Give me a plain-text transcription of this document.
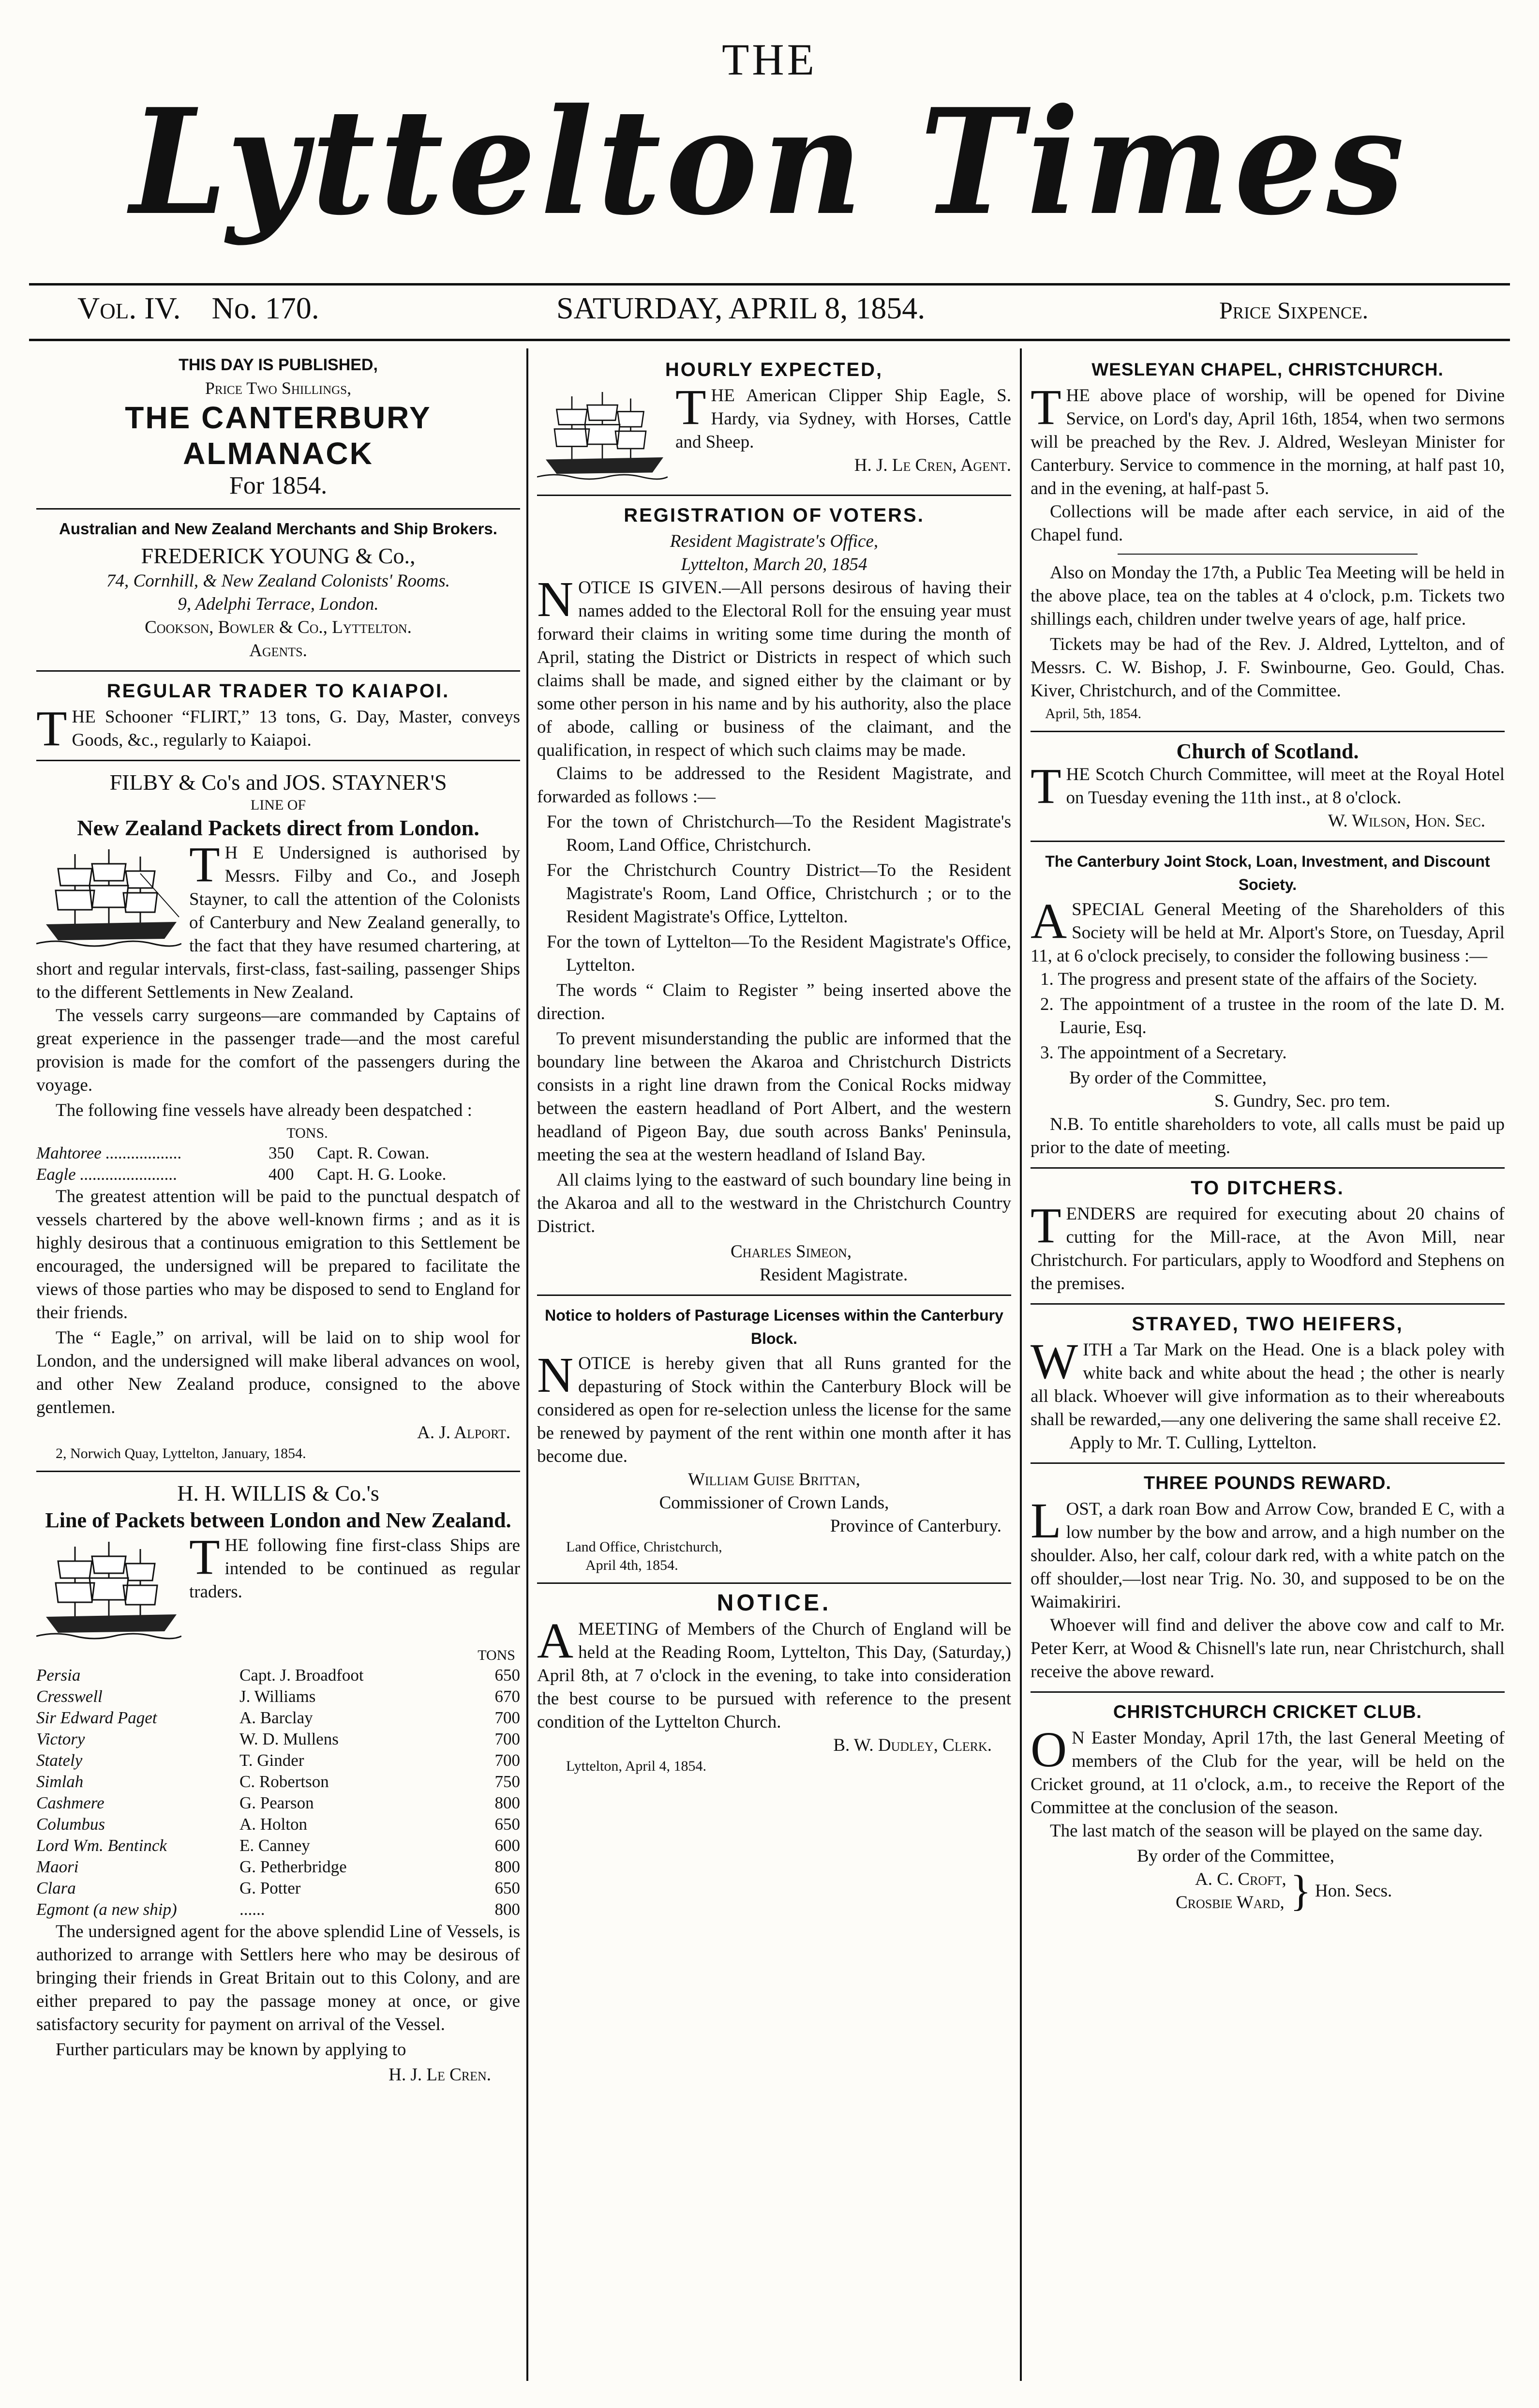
THE
Lyttelton Times
Vol. IV. No. 170.	SATURDAY, APRIL 8, 1854.	Price Sixpence.
THIS DAY IS PUBLISHED,
Price Two Shillings,
THE CANTERBURY ALMANACK
For 1854.
Australian and New Zealand Merchants and Ship Brokers.
FREDERICK YOUNG & Co.,
74, Cornhill, & New Zealand Colonists' Rooms.
9, Adelphi Terrace, London.
Cookson, Bowler & Co., Lyttelton.
Agents.
REGULAR TRADER TO KAIAPOI.
THE Schooner “FLIRT,” 13 tons, G. Day, Master, conveys Goods, &c., regularly to Kaiapoi.
FILBY & Co's and JOS. STAYNER'S
LINE OF
New Zealand Packets direct from London.
T H E Undersigned is authorised by Messrs. Filby and Co., and Joseph Stayner, to call the attention of the Colonists of Canterbury and New Zealand generally, to the fact that they have resumed chartering, at short and regular intervals, first-class, fast-sailing, passenger Ships to the different Settlements in New Zealand.

The vessels carry surgeons—are commanded by Captains of great experience in the passenger trade—and the most careful provision is made for the comfort of the passengers during the voyage.

The following fine vessels have already been despatched :

TONS.
Mahtoree ..................	350	Capt. R. Cowan.
Eagle .......................	400	Capt. H. G. Looke.

The greatest attention will be paid to the punctual despatch of vessels chartered by the above well-known firms ; and as it is highly desirous that a continuous emigration to this Settlement be encouraged, the undersigned will be prepared to facilitate the views of those parties who may be disposed to send to England for their friends.

The “ Eagle,” on arrival, will be laid on to ship wool for London, and the undersigned will make liberal advances on wool, and other New Zealand produce, consigned to the above gentlemen.

A. J. Alport.
2, Norwich Quay, Lyttelton, January, 1854.
H. H. WILLIS & Co.'s
Line of Packets between London and New Zealand.
THE following fine first-class Ships are intended to be continued as regular traders.
TONS
Persia	Capt. J. Broadfoot	650
Cresswell	J. Williams	670
Sir Edward Paget	A. Barclay	700
Victory	W. D. Mullens	700
Stately	T. Ginder	700
Simlah	C. Robertson	750
Cashmere	G. Pearson	800
Columbus	A. Holton	650
Lord Wm. Bentinck	E. Canney	600
Maori	G. Petherbridge	800
Clara	G. Potter	650
Egmont (a new ship)	......	800

The undersigned agent for the above splendid Line of Vessels, is authorized to arrange with Settlers here who may be desirous of bringing their friends in Great Britain out to this Colony, and are either prepared to pay the passage money at once, or give satisfactory security for payment on arrival of the Vessel.

Further particulars may be known by applying to

H. J. Le Cren.
HOURLY EXPECTED,
THE American Clipper Ship Eagle, S. Hardy, via Sydney, with Horses, Cattle and Sheep.
H. J. Le Cren, Agent.
REGISTRATION OF VOTERS.
Resident Magistrate's Office,
Lyttelton, March 20, 1854
NOTICE IS GIVEN.—All persons desirous of having their names added to the Electoral Roll for the ensuing year must forward their claims in writing some time during the month of April, stating the District or Districts in respect of which such claims shall be made, and signed either by the claimant or by some other person in his name and by his authority, also the place of abode, calling or business of the claimant, and the qualification, in respect of which such claims may be made.

Claims to be addressed to the Resident Magistrate, and forwarded as follows :—

For the town of Christchurch—To the Resident Magistrate's Room, Land Office, Christchurch.

For the Christchurch Country District—To the Resident Magistrate's Room, Land Office, Christchurch ; or to the Resident Magistrate's Office, Lyttelton.

For the town of Lyttelton—To the Resident Magistrate's Office, Lyttelton.

The words “ Claim to Register ” being inserted above the direction.

To prevent misunderstanding the public are informed that the boundary line between the Akaroa and Christchurch Districts consists in a right line drawn from the Conical Rocks midway between the eastern headland of Port Albert, and the western headland of Pigeon Bay, due south across Banks' Peninsula, meeting the sea at the western headland of Island Bay.

All claims lying to the eastward of such boundary line being in the Akaroa and all to the westward in the Christchurch Country District.

Charles Simeon,
Resident Magistrate.
Notice to holders of Pasturage Licenses within the Canterbury Block.
NOTICE is hereby given that all Runs granted for the depasturing of Stock within the Canterbury Block will be considered as open for re-selection unless the license for the same be renewed by payment of the rent within one month after it has become due.
William Guise Brittan,
Commissioner of Crown Lands,
Province of Canterbury.
Land Office, Christchurch,
April 4th, 1854.
NOTICE.
AMEETING of Members of the Church of England will be held at the Reading Room, Lyttelton, This Day, (Saturday,) April 8th, at 7 o'clock in the evening, to take into consideration the best course to be pursued with reference to the present condition of the Lyttelton Church.
B. W. Dudley, Clerk.
Lyttelton, April 4, 1854.
WESLEYAN CHAPEL, CHRISTCHURCH.
THE above place of worship, will be opened for Divine Service, on Lord's day, April 16th, 1854, when two sermons will be preached by the Rev. J. Aldred, Wesleyan Minister for Canterbury. Service to commence in the morning, at half past 10, and in the evening, at half-past 5.

Collections will be made after each service, in aid of the Chapel fund.

Also on Monday the 17th, a Public Tea Meeting will be held in the above place, tea on the tables at 4 o'clock, p.m. Tickets two shillings each, children under twelve years of age, half price.

Tickets may be had of the Rev. J. Aldred, Lyttelton, and of Messrs. C. W. Bishop, J. F. Swinbourne, Geo. Gould, Chas. Kiver, Christchurch, and of the Committee.

April, 5th, 1854.
Church of Scotland.
THE Scotch Church Committee, will meet at the Royal Hotel on Tuesday evening the 11th inst., at 8 o'clock.
W. Wilson, Hon. Sec.
The Canterbury Joint Stock, Loan, Investment, and Discount Society.
ASPECIAL General Meeting of the Shareholders of this Society will be held at Mr. Alport's Store, on Tuesday, April 11, at 6 o'clock precisely, to consider the following business :—

1. The progress and present state of the affairs of the Society.

2. The appointment of a trustee in the room of the late D. M. Laurie, Esq.

3. The appointment of a Secretary.

By order of the Committee,
S. Gundry, Sec. pro tem.

N.B. To entitle shareholders to vote, all calls must be paid up prior to the date of meeting.

TO DITCHERS.
TENDERS are required for executing about 20 chains of cutting for the Mill-race, at the Avon Mill, near Christchurch. For particulars, apply to Woodford and Stephens on the premises.
STRAYED, TWO HEIFERS,
WITH a Tar Mark on the Head. One is a black poley with white back and white about the head ; the other is nearly all black. Whoever will give information as to their whereabouts shall be rewarded,—any one delivering the same shall receive £2.
Apply to Mr. T. Culling, Lyttelton.
THREE POUNDS REWARD.
LOST, a dark roan Bow and Arrow Cow, branded E C, with a low number by the bow and arrow, and a high number on the shoulder. Also, her calf, colour dark red, with a white patch on the off shoulder,—lost near Trig. No. 30, and supposed to be on the Waimakiriri.

Whoever will find and deliver the above cow and calf to Mr. Peter Kerr, at Wood & Chisnell's late run, near Christchurch, shall receive the above reward.

CHRISTCHURCH CRICKET CLUB.
O N Easter Monday, April 17th, the last General Meeting of members of the Club for the year, will be held on the Cricket ground, at 11 o'clock, a.m., to receive the Report of the Committee at the conclusion of the season.

The last match of the season will be played on the same day.

By order of the Committee,
A. C. Croft,
Crosbie Ward, } Hon. Secs.
